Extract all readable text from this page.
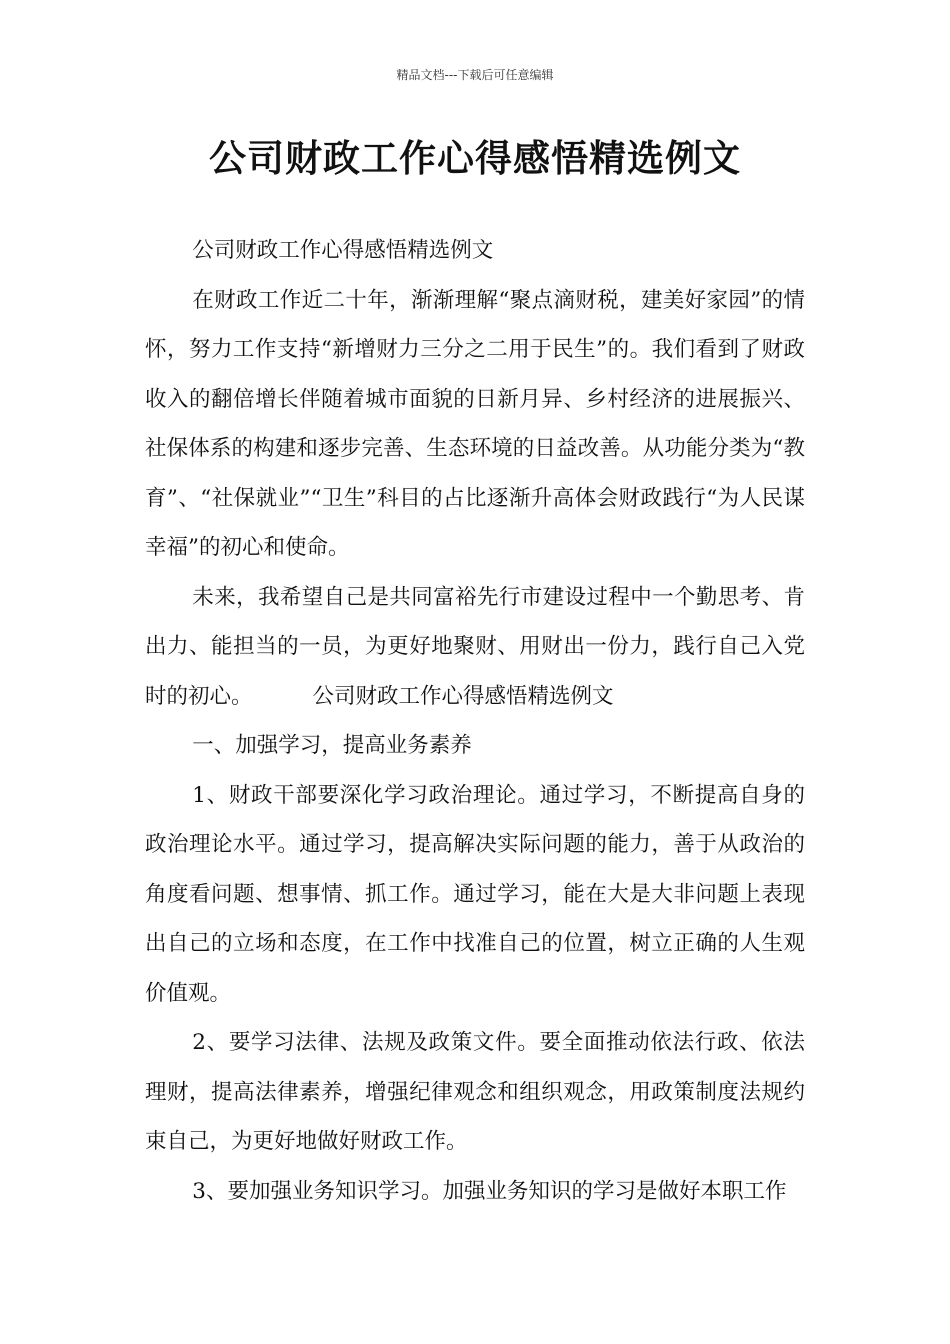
精品文档---下载后可任意编辑
公司财政工作心得感悟精选例文

公司财政工作心得感悟精选例文

在财政工作近二十年，渐渐理解“聚点滴财税，建美好家园”的情怀，努力工作支持“新增财力三分之二用于民生”的。我们看到了财政收入的翻倍增长伴随着城市面貌的日新月异、乡村经济的进展振兴、社保体系的构建和逐步完善、生态环境的日益改善。从功能分类为“教育”、“社保就业”“卫生”科目的占比逐渐升高体会财政践行“为人民谋幸福”的初心和使命。

未来，我希望自己是共同富裕先行市建设过程中一个勤思考、肯出力、能担当的一员，为更好地聚财、用财出一份力，践行自己入党时的初心。	公司财政工作心得感悟精选例文

一、加强学习，提高业务素养

1、财政干部要深化学习政治理论。通过学习，不断提高自身的政治理论水平。通过学习，提高解决实际问题的能力，善于从政治的角度看问题、想事情、抓工作。通过学习，能在大是大非问题上表现出自己的立场和态度，在工作中找准自己的位置，树立正确的人生观价值观。

2、要学习法律、法规及政策文件。要全面推动依法行政、依法理财，提高法律素养，增强纪律观念和组织观念，用政策制度法规约束自己，为更好地做好财政工作。

3、要加强业务知识学习。加强业务知识的学习是做好本职工作
